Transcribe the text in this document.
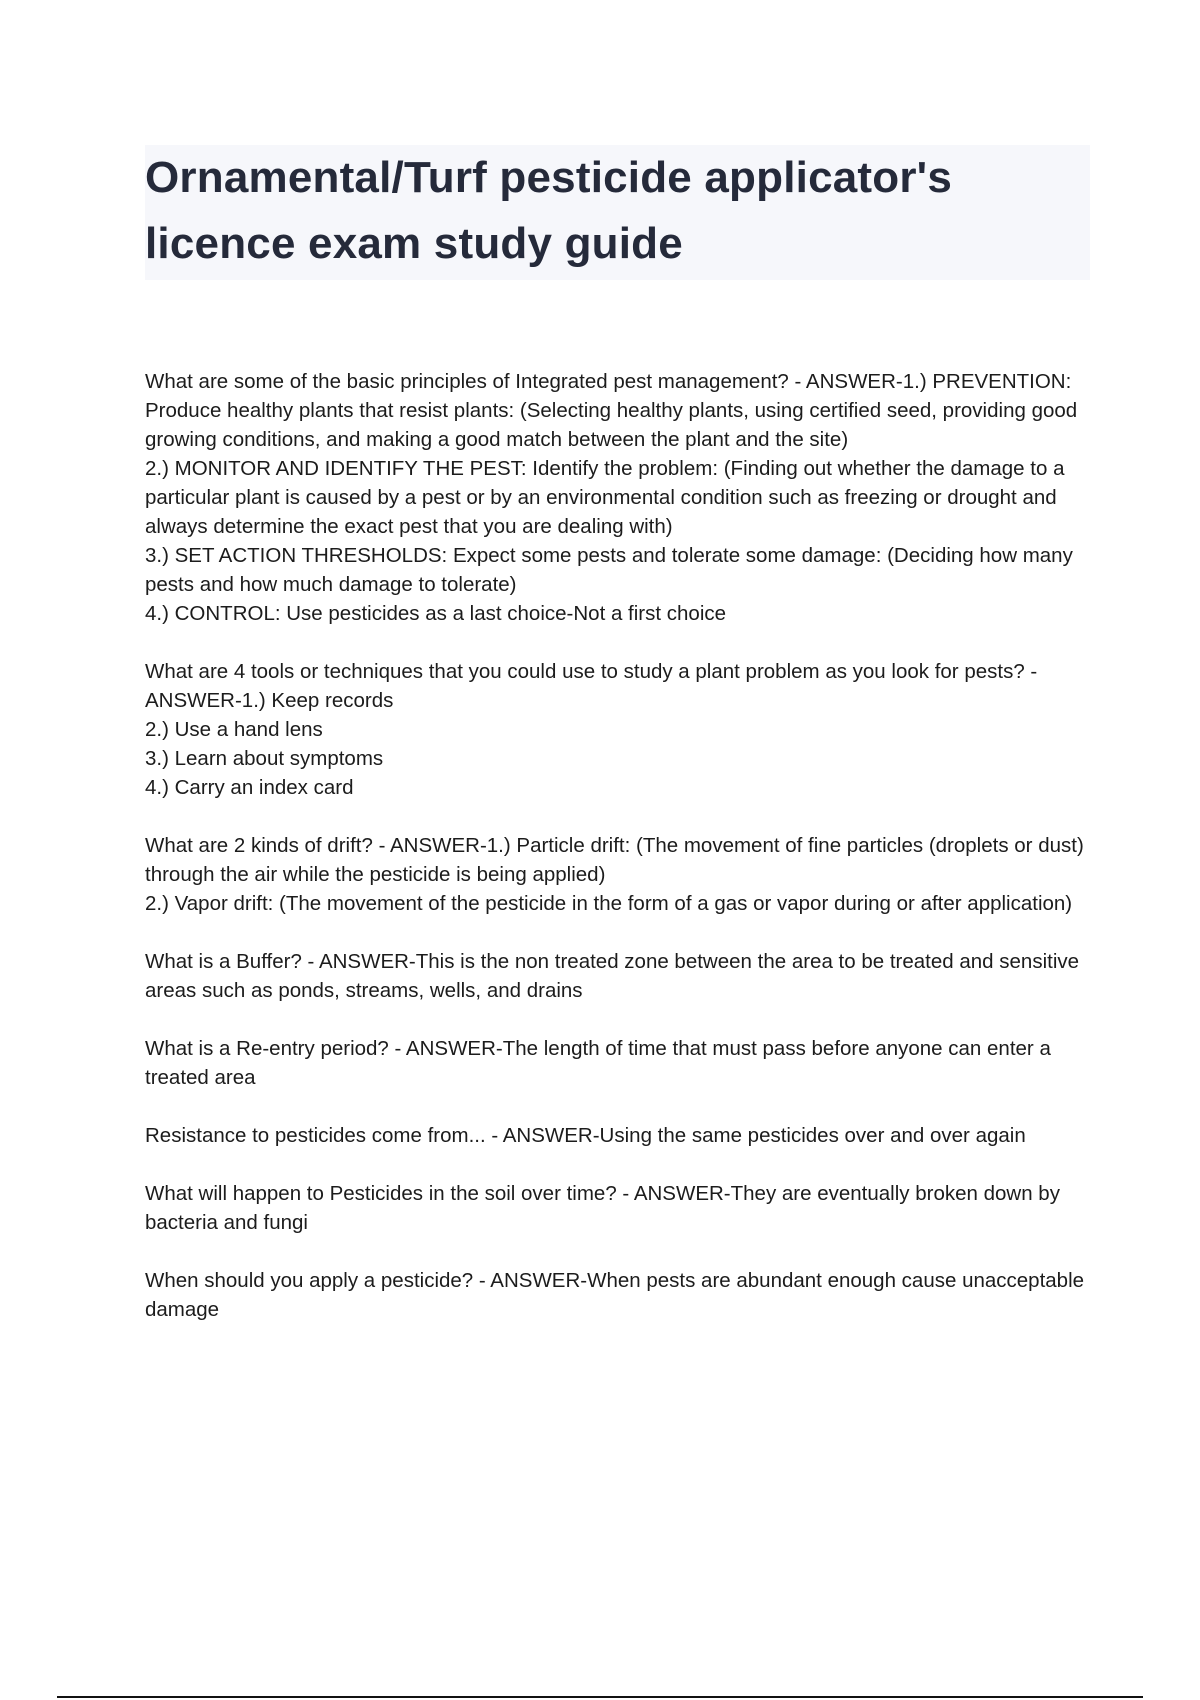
Ornamental/Turf pesticide applicator's
licence exam study guide

What are some of the basic principles of Integrated pest management? - ANSWER-1.) PREVENTION: Produce healthy plants that resist plants: (Selecting healthy plants, using certified seed, providing good growing conditions, and making a good match between the plant and the site)

2.) MONITOR AND IDENTIFY THE PEST: Identify the problem: (Finding out whether the damage to a particular plant is caused by a pest or by an environmental condition such as freezing or drought and always determine the exact pest that you are dealing with)

3.) SET ACTION THRESHOLDS: Expect some pests and tolerate some damage: (Deciding how many pests and how much damage to tolerate)

4.) CONTROL: Use pesticides as a last choice-Not a first choice

What are 4 tools or techniques that you could use to study a plant problem as you look for pests? - ANSWER-1.) Keep records

2.) Use a hand lens

3.) Learn about symptoms

4.) Carry an index card

What are 2 kinds of drift? - ANSWER-1.) Particle drift: (The movement of fine particles (droplets or dust) through the air while the pesticide is being applied)

2.) Vapor drift: (The movement of the pesticide in the form of a gas or vapor during or after application)

What is a Buffer? - ANSWER-This is the non treated zone between the area to be treated and sensitive areas such as ponds, streams, wells, and drains

What is a Re-entry period? - ANSWER-The length of time that must pass before anyone can enter a treated area

Resistance to pesticides come from... - ANSWER-Using the same pesticides over and over again

What will happen to Pesticides in the soil over time? - ANSWER-They are eventually broken down by bacteria and fungi

When should you apply a pesticide? - ANSWER-When pests are abundant enough cause unacceptable damage
